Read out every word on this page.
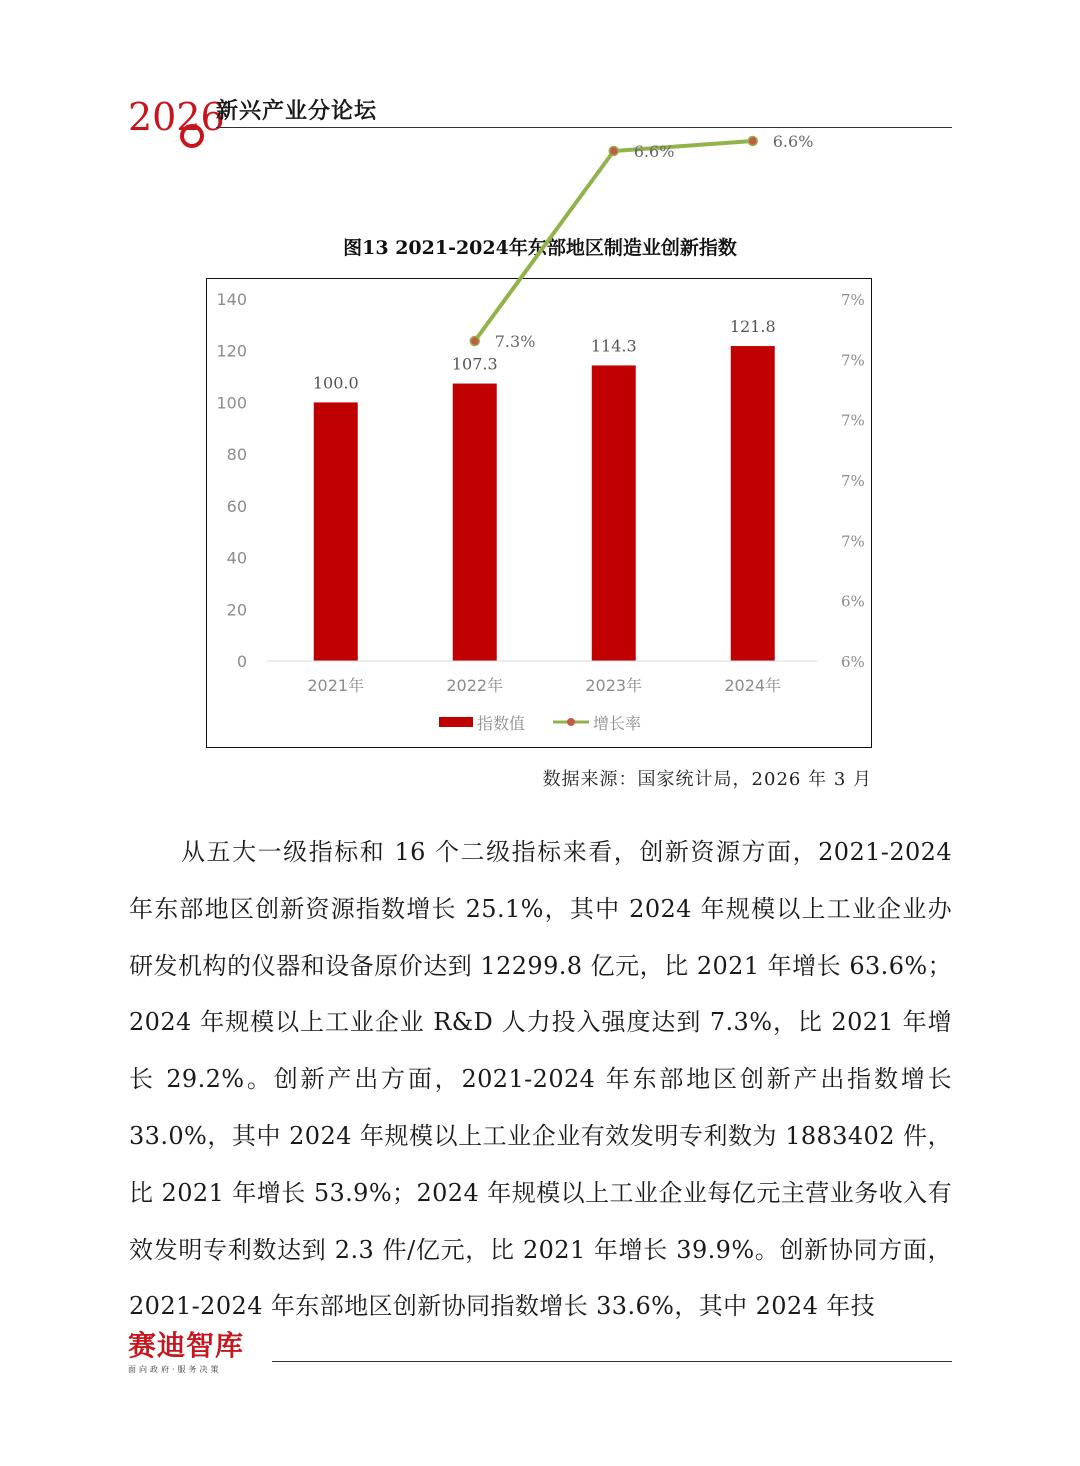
2026
新兴产业分论坛
图13 2021-2024年东部地区制造业创新指数
0
20
40
60
80
100
120
140
6%
6%
7%
7%
7%
7%
7%
100.0
107.3
114.3
121.8
2021年	2022年	2023年	2024年
7.3%
6.6%
6.6%
指数值	增长率
数据来源：国家统计局，2026 年 3 月
从五大一级指标和 16 个二级指标来看，创新资源方面，2021-2024 年东部地区创新资源指数增长 25.1%，其中 2024 年规模以上工业企业办研发机构的仪器和设备原价达到 12299.8 亿元，比 2021 年增长 63.6%；2024 年规模以上工业企业 R&D 人力投入强度达到 7.3%，比 2021 年增长 29.2%。创新产出方面，2021-2024 年东部地区创新产出指数增长 33.0%，其中 2024 年规模以上工业企业有效发明专利数为 1883402 件，比 2021 年增长 53.9%；2024 年规模以上工业企业每亿元主营业务收入有效发明专利数达到 2.3 件/亿元，比 2021 年增长 39.9%。创新协同方面，2021-2024 年东部地区创新协同指数增长 33.6%，其中 2024 年技
赛迪智库
面向政府·服务决策
